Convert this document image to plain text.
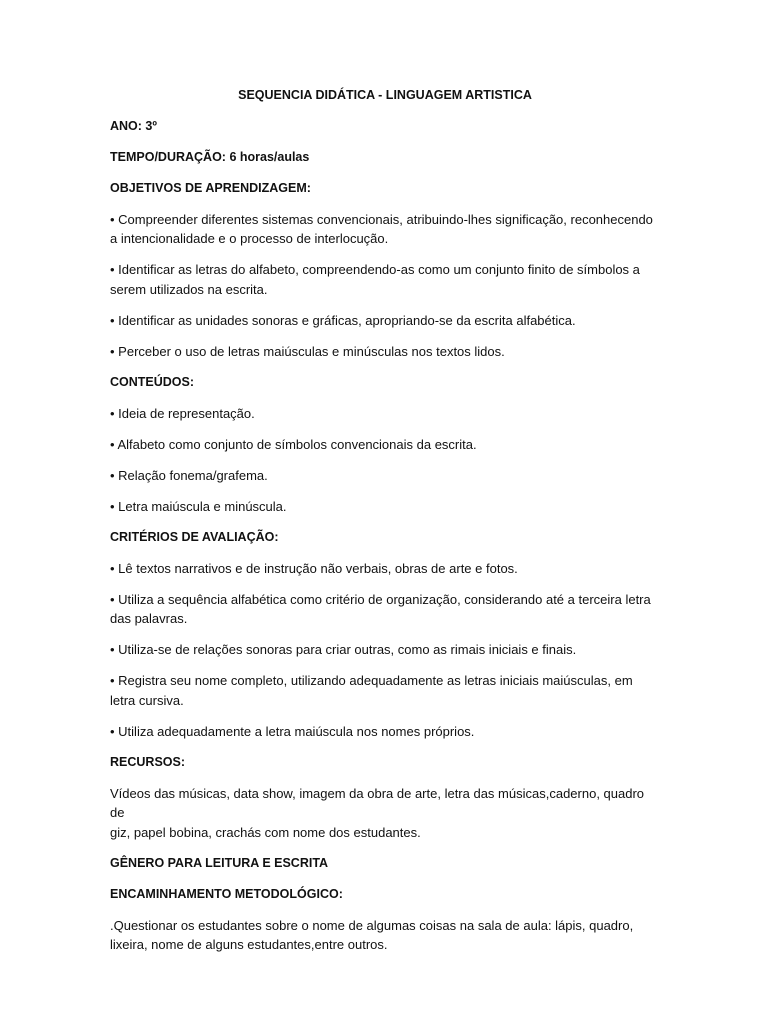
SEQUENCIA DIDÁTICA - LINGUAGEM ARTISTICA
ANO: 3º
TEMPO/DURAÇÃO: 6 horas/aulas
OBJETIVOS DE APRENDIZAGEM:
• Compreender diferentes sistemas convencionais, atribuindo-lhes significação, reconhecendo
a intencionalidade e o processo de interlocução.
• Identificar as letras do alfabeto, compreendendo-as como um conjunto finito de símbolos a
serem utilizados na escrita.
• Identificar as unidades sonoras e gráficas, apropriando-se da escrita alfabética.
• Perceber o uso de letras maiúsculas e minúsculas nos textos lidos.
CONTEÚDOS:
• Ideia de representação.
• Alfabeto como conjunto de símbolos convencionais da escrita.
• Relação fonema/grafema.
• Letra maiúscula e minúscula.
CRITÉRIOS DE AVALIAÇÃO:
• Lê textos narrativos e de instrução não verbais, obras de arte e fotos.
• Utiliza a sequência alfabética como critério de organização, considerando até a terceira letra
das palavras.
• Utiliza-se de relações sonoras para criar outras, como as rimais iniciais e finais.
• Registra seu nome completo, utilizando adequadamente as letras iniciais maiúsculas, em
letra cursiva.
• Utiliza adequadamente a letra maiúscula nos nomes próprios.
RECURSOS:
Vídeos das músicas, data show, imagem da obra de arte, letra das músicas,caderno, quadro de
giz, papel bobina, crachás com nome dos estudantes.
GÊNERO PARA LEITURA E ESCRITA
ENCAMINHAMENTO METODOLÓGICO:
.Questionar os estudantes sobre o nome de algumas coisas na sala de aula: lápis, quadro,
lixeira, nome de alguns estudantes,entre outros.
